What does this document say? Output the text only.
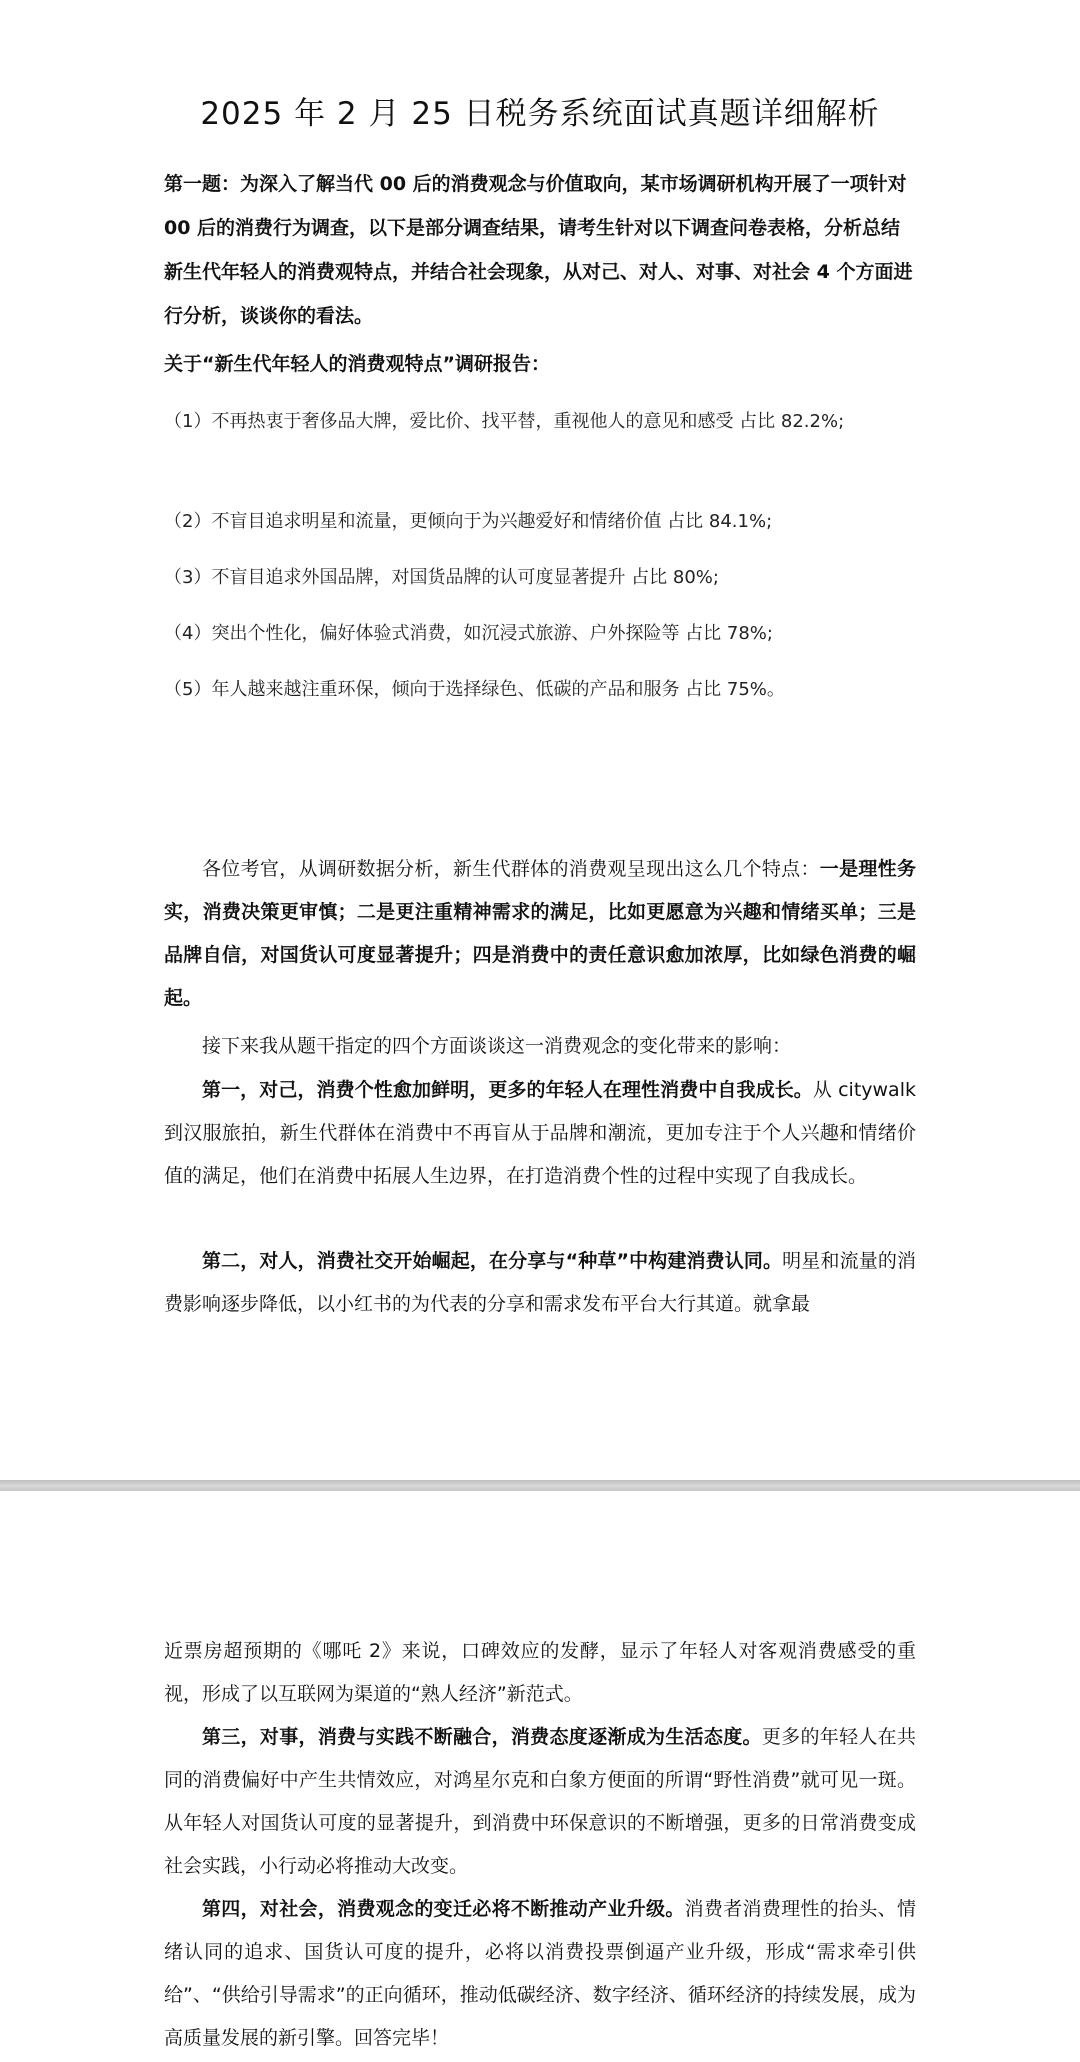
2025 年 2 月 25 日税务系统面试真题详细解析
第一题：为深入了解当代 00 后的消费观念与价值取向，某市场调研机构开展了一项针对 00 后的消费行为调查，以下是部分调查结果，请考生针对以下调查问卷表格，分析总结新生代年轻人的消费观特点，并结合社会现象，从对己、对人、对事、对社会 4 个方面进行分析，谈谈你的看法。
关于“新生代年轻人的消费观特点”调研报告：
（1）不再热衷于奢侈品大牌，爱比价、找平替，重视他人的意见和感受 占比 82.2%;
（2）不盲目追求明星和流量，更倾向于为兴趣爱好和情绪价值 占比 84.1%;
（3）不盲目追求外国品牌，对国货品牌的认可度显著提升 占比 80%;
（4）突出个性化，偏好体验式消费，如沉浸式旅游、户外探险等 占比 78%;
（5）年人越来越注重环保，倾向于选择绿色、低碳的产品和服务 占比 75%。
各位考官，从调研数据分析，新生代群体的消费观呈现出这么几个特点：一是理性务实，消费决策更审慎；二是更注重精神需求的满足，比如更愿意为兴趣和情绪买单；三是品牌自信，对国货认可度显著提升；四是消费中的责任意识愈加浓厚，比如绿色消费的崛起。
接下来我从题干指定的四个方面谈谈这一消费观念的变化带来的影响：
第一，对己，消费个性愈加鲜明，更多的年轻人在理性消费中自我成长。从 citywalk 到汉服旅拍，新生代群体在消费中不再盲从于品牌和潮流，更加专注于个人兴趣和情绪价值的满足，他们在消费中拓展人生边界，在打造消费个性的过程中实现了自我成长。
第二，对人，消费社交开始崛起，在分享与“种草”中构建消费认同。明星和流量的消费影响逐步降低，以小红书的为代表的分享和需求发布平台大行其道。就拿最
近票房超预期的《哪吒 2》来说，口碑效应的发酵，显示了年轻人对客观消费感受的重视，形成了以互联网为渠道的“熟人经济”新范式。
第三，对事，消费与实践不断融合，消费态度逐渐成为生活态度。更多的年轻人在共同的消费偏好中产生共情效应，对鸿星尔克和白象方便面的所谓“野性消费”就可见一斑。从年轻人对国货认可度的显著提升，到消费中环保意识的不断增强，更多的日常消费变成社会实践，小行动必将推动大改变。
第四，对社会，消费观念的变迁必将不断推动产业升级。消费者消费理性的抬头、情绪认同的追求、国货认可度的提升，必将以消费投票倒逼产业升级，形成“需求牵引供给”、“供给引导需求”的正向循环，推动低碳经济、数字经济、循环经济的持续发展，成为高质量发展的新引擎。回答完毕！
